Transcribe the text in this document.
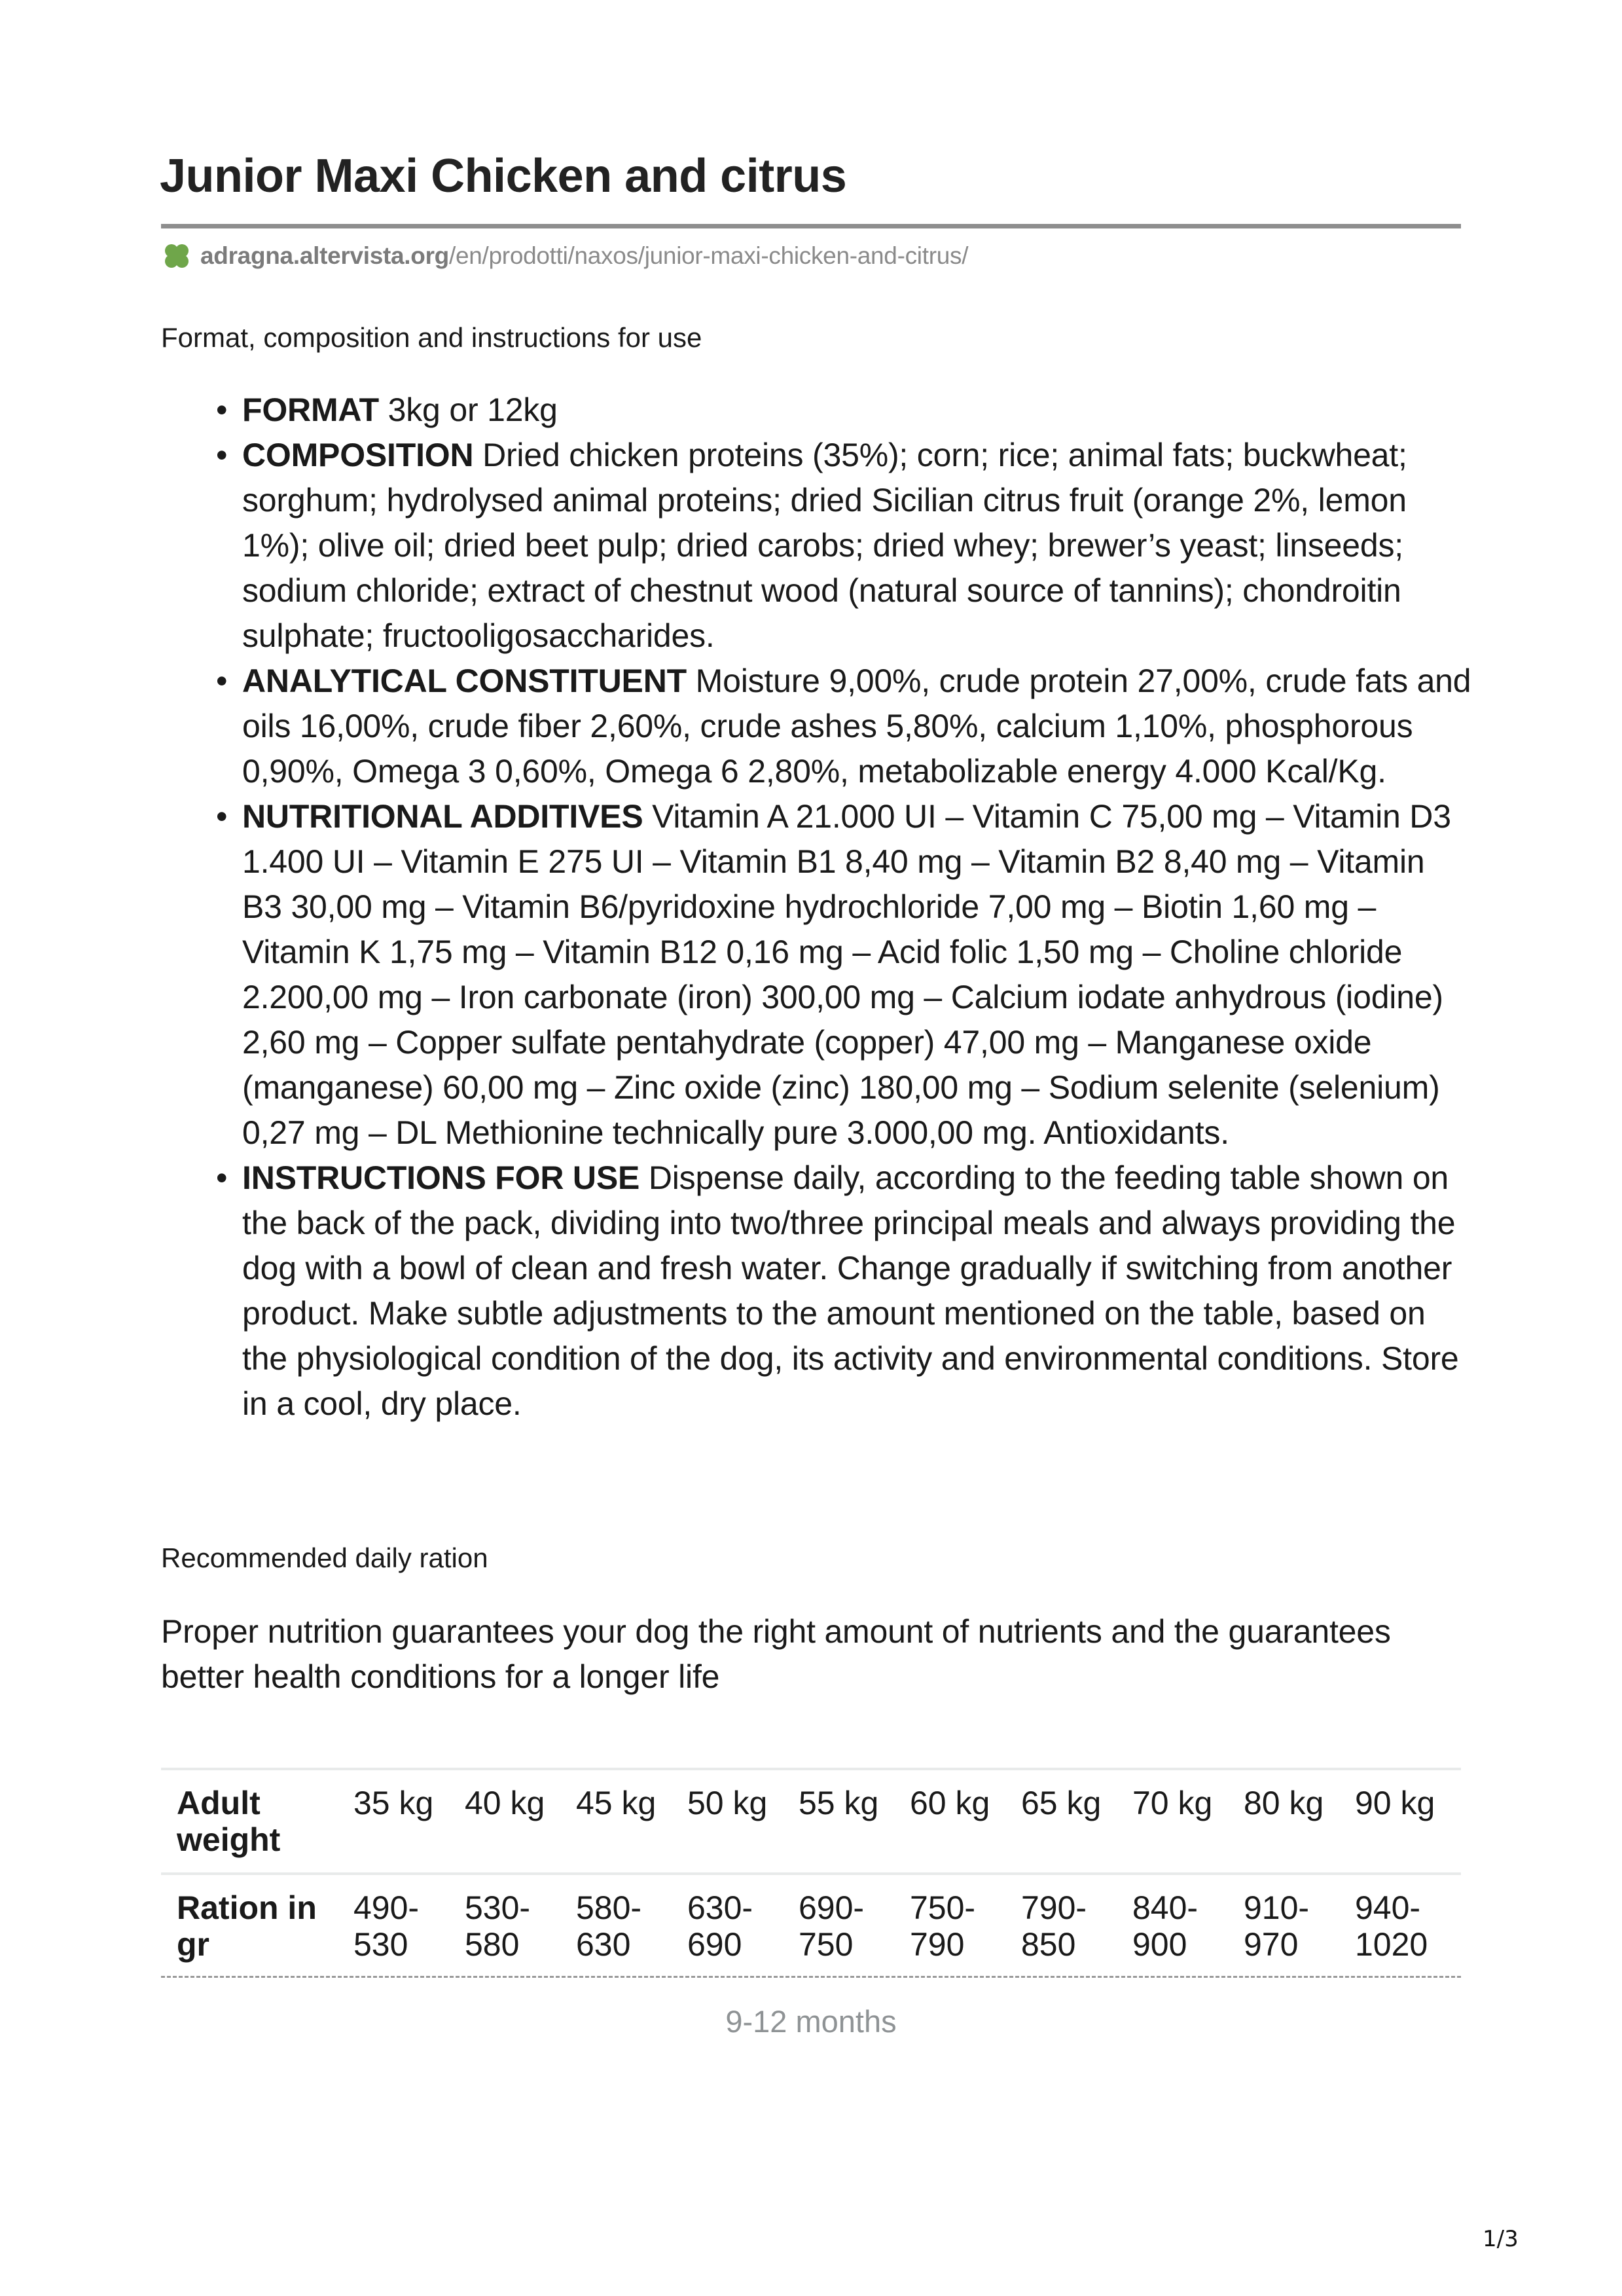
Junior Maxi Chicken and citrus
adragna.altervista.org /en/prodotti/naxos/junior-maxi-chicken-and-citrus/
Format, composition and instructions for use
• FORMAT 3kg or 12kg
• COMPOSITION Dried chicken proteins (35%); corn; rice; animal fats; buckwheat; sorghum; hydrolysed animal proteins; dried Sicilian citrus fruit (orange 2%, lemon 1%); olive oil; dried beet pulp; dried carobs; dried whey; brewer’s yeast; linseeds; sodium chloride; extract of chestnut wood (natural source of tannins); chondroitin sulphate; fructooligosaccharides.
• ANALYTICAL CONSTITUENT Moisture 9,00%, crude protein 27,00%, crude fats and oils 16,00%, crude fiber 2,60%, crude ashes 5,80%, calcium 1,10%, phosphorous 0,90%, Omega 3 0,60%, Omega 6 2,80%, metabolizable energy 4.000 Kcal/Kg.
• NUTRITIONAL ADDITIVES Vitamin A 21.000 UI – Vitamin C 75,00 mg – Vitamin D3 1.400 UI – Vitamin E 275 UI – Vitamin B1 8,40 mg – Vitamin B2 8,40 mg – Vitamin B3 30,00 mg – Vitamin B6/pyridoxine hydrochloride 7,00 mg – Biotin 1,60 mg – Vitamin K 1,75 mg – Vitamin B12 0,16 mg – Acid folic 1,50 mg – Choline chloride 2.200,00 mg – Iron carbonate (iron) 300,00 mg – Calcium iodate anhydrous (iodine) 2,60 mg – Copper sulfate pentahydrate (copper) 47,00 mg – Manganese oxide (manganese) 60,00 mg – Zinc oxide (zinc) 180,00 mg – Sodium selenite (selenium) 0,27 mg – DL Methionine technically pure 3.000,00 mg. Antioxidants.
• INSTRUCTIONS FOR USE Dispense daily, according to the feeding table shown on the back of the pack, dividing into two/three principal meals and always providing the dog with a bowl of clean and fresh water. Change gradually if switching from another product. Make subtle adjustments to the amount mentioned on the table, based on the physiological condition of the dog, its activity and environmental conditions. Store in a cool, dry place.
Recommended daily ration
Proper nutrition guarantees your dog the right amount of nutrients and the guarantees better health conditions for a longer life
Adult weight	35 kg	40 kg	45 kg	50 kg	55 kg	60 kg	65 kg	70 kg	80 kg	90 kg
Ration in gr	490-530	530-580	580-630	630-690	690-750	750-790	790-850	840-900	910-970	940-1020
9-12 months
1/3
